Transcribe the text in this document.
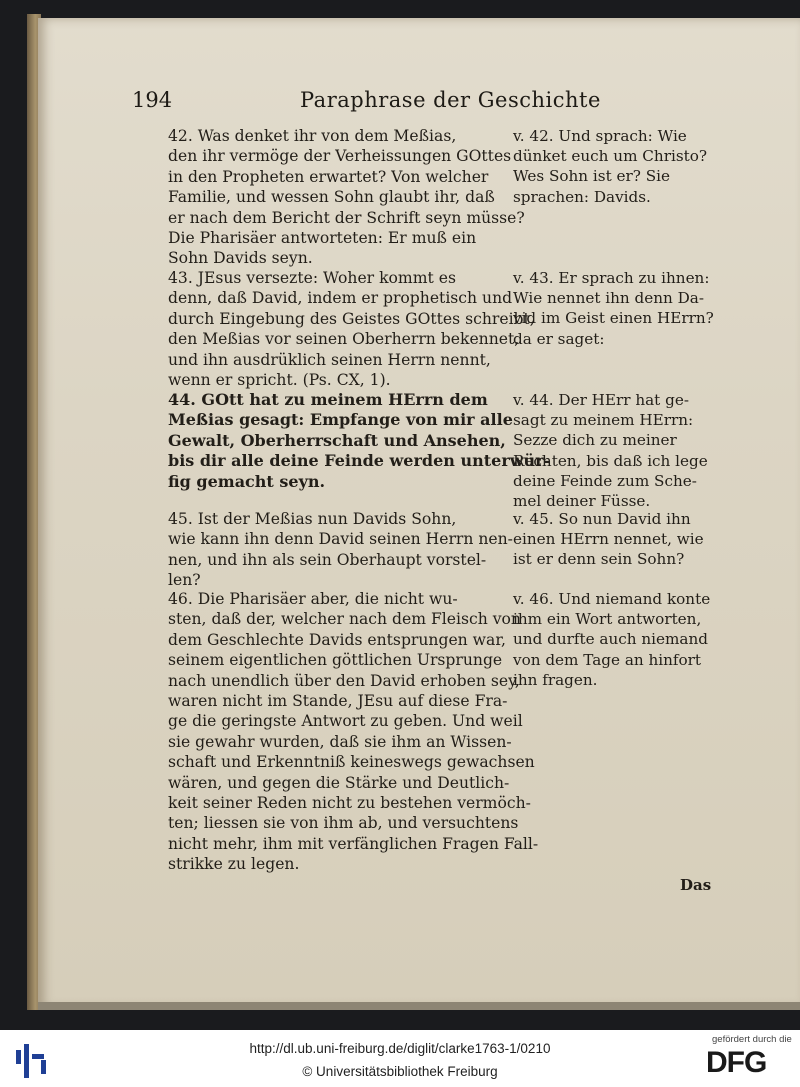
194	Paraphrase der Geschichte
42. Was denket ihr von dem Meßias,
den ihr vermöge der Verheissungen GOttes
in den Propheten erwartet? Von welcher
Familie, und wessen Sohn glaubt ihr, daß
er nach dem Bericht der Schrift seyn müsse?
Die Pharisäer antworteten: Er muß ein
Sohn Davids seyn.
43. JEsus versezte: Woher kommt es
denn, daß David, indem er prophetisch und
durch Eingebung des Geistes GOttes schreibt,
den Meßias vor seinen Oberherrn bekennet,
und ihn ausdrüklich seinen Herrn nennt,
wenn er spricht. (Ps. CX, 1).
44. GOtt hat zu meinem HErrn dem
Meßias gesagt: Empfange von mir alle
Gewalt, Oberherrschaft und Ansehen,
bis dir alle deine Feinde werden unterwür-
fig gemacht seyn.
45. Ist der Meßias nun Davids Sohn,
wie kann ihn denn David seinen Herrn nen-
nen, und ihn als sein Oberhaupt vorstel-
len?
46. Die Pharisäer aber, die nicht wu-
sten, daß der, welcher nach dem Fleisch von
dem Geschlechte Davids entsprungen war,
seinem eigentlichen göttlichen Ursprunge
nach unendlich über den David erhoben sey,
waren nicht im Stande, JEsu auf diese Fra-
ge die geringste Antwort zu geben. Und weil
sie gewahr wurden, daß sie ihm an Wissen-
schaft und Erkenntniß keineswegs gewachsen
wären, und gegen die Stärke und Deutlich-
keit seiner Reden nicht zu bestehen vermöch-
ten; liessen sie von ihm ab, und versuchtens
nicht mehr, ihm mit verfänglichen Fragen Fall-
strikke zu legen.
v. 42. Und sprach: Wie
dünket euch um Christo?
Wes Sohn ist er? Sie
sprachen: Davids.
v. 43. Er sprach zu ihnen:
Wie nennet ihn denn Da-
vid im Geist einen HErrn?
da er saget:
v. 44. Der HErr hat ge-
sagt zu meinem HErrn:
Sezze dich zu meiner
Rechten, bis daß ich lege
deine Feinde zum Sche-
mel deiner Füsse.
v. 45. So nun David ihn
einen HErrn nennet, wie
ist er denn sein Sohn?
v. 46. Und niemand konte
ihm ein Wort antworten,
und durfte auch niemand
von dem Tage an hinfort
ihn fragen.
Das
http://dl.ub.uni-freiburg.de/diglit/clarke1763-1/0210
© Universitätsbibliothek Freiburg
gefördert durch die
DFG
